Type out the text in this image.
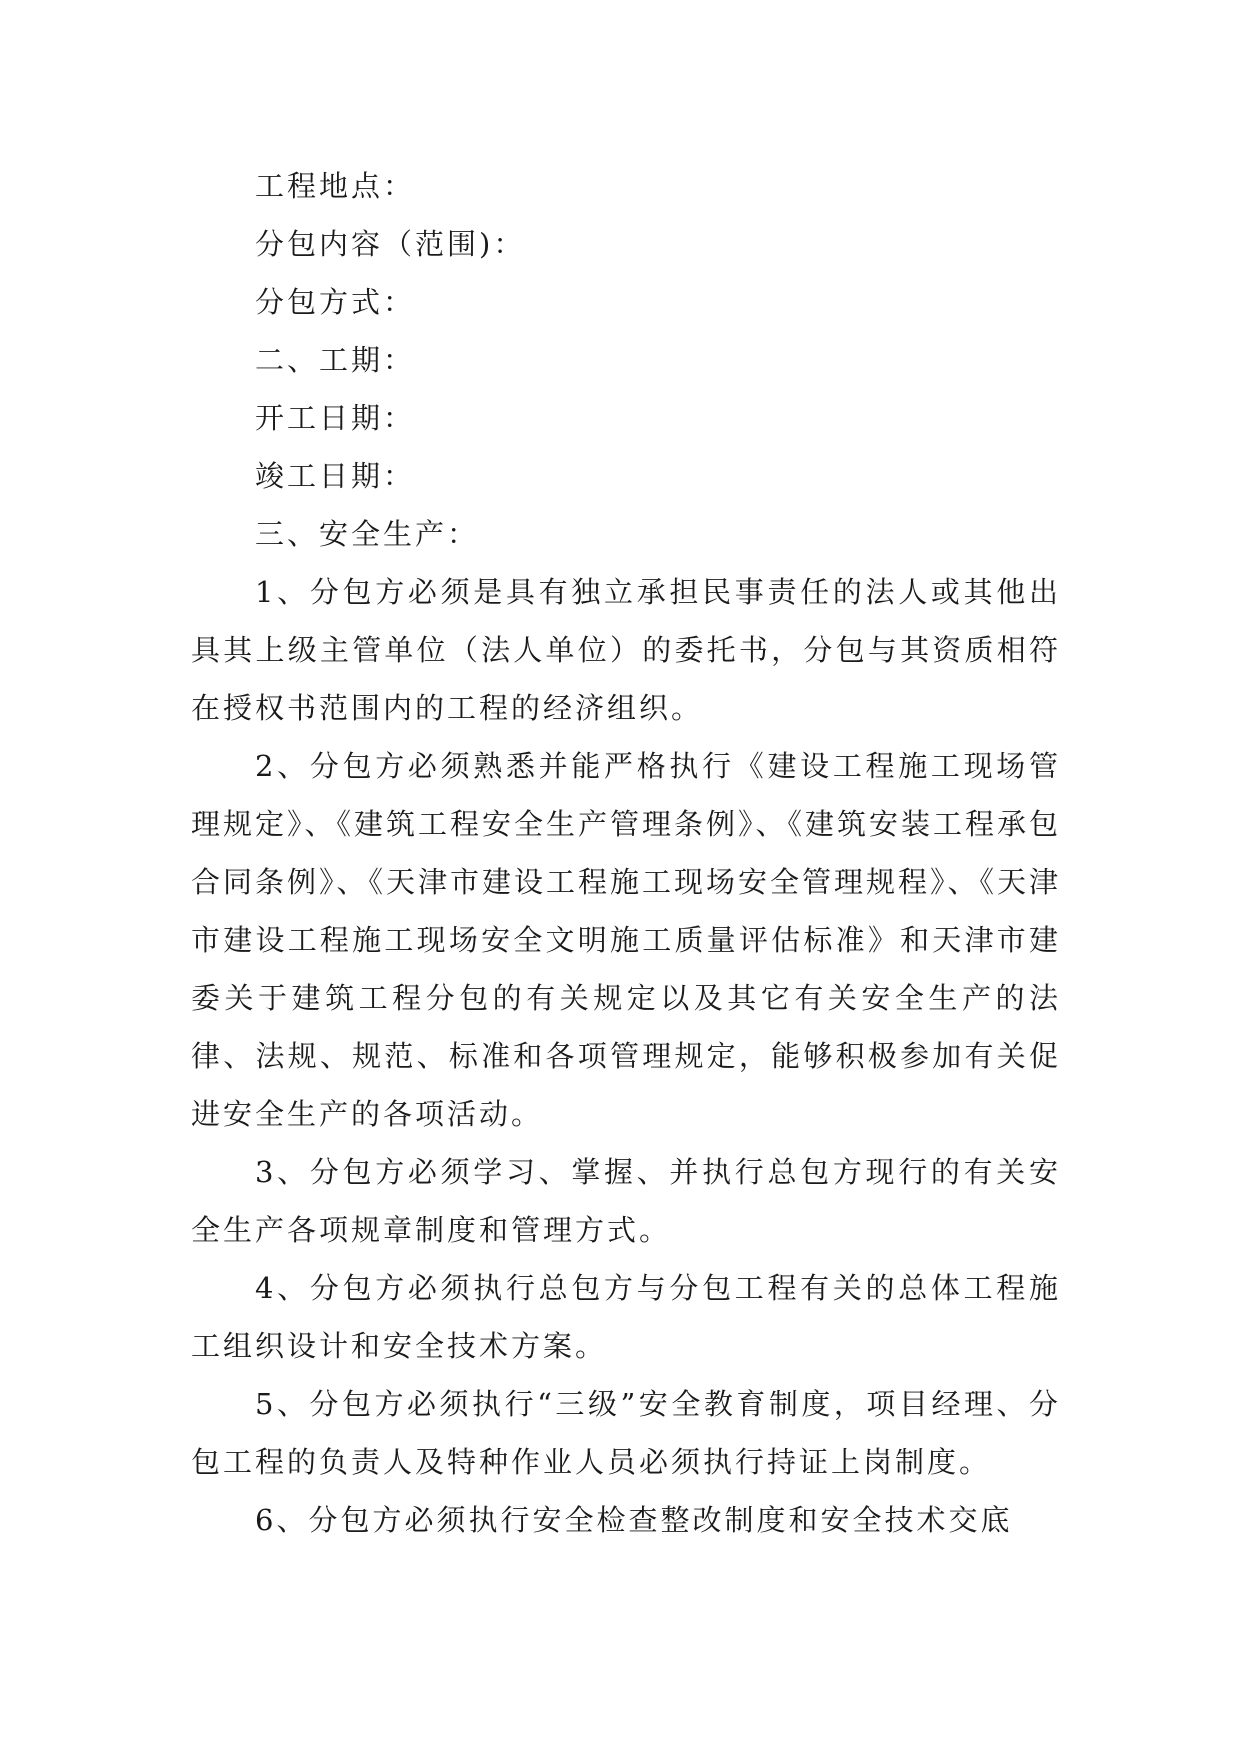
工程地点：

分包内容（范围)：

分包方式：

二、工期：

开工日期：

竣工日期：

三、安全生产：

1、分包方必须是具有独立承担民事责任的法人或其他出具其上级主管单位（法人单位）的委托书，分包与其资质相符在授权书范围内的工程的经济组织。

2、分包方必须熟悉并能严格执行《建设工程施工现场管理规定》、《建筑工程安全生产管理条例》、《建筑安装工程承包合同条例》、《天津市建设工程施工现场安全管理规程》、《天津市建设工程施工现场安全文明施工质量评估标准》和天津市建委关于建筑工程分包的有关规定以及其它有关安全生产的法律、法规、规范、标准和各项管理规定，能够积极参加有关促进安全生产的各项活动。

3、分包方必须学习、掌握、并执行总包方现行的有关安全生产各项规章制度和管理方式。

4、分包方必须执行总包方与分包工程有关的总体工程施工组织设计和安全技术方案。

5、分包方必须执行“三级”安全教育制度，项目经理、分包工程的负责人及特种作业人员必须执行持证上岗制度。

6、分包方必须执行安全检查整改制度和安全技术交底
